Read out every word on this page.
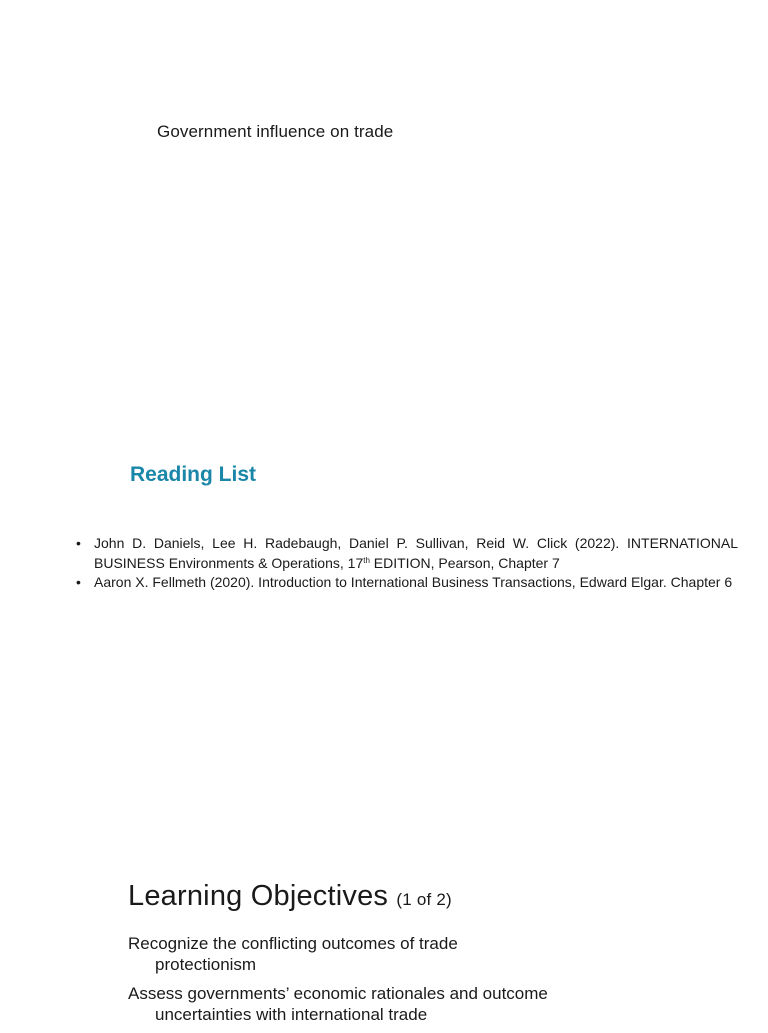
Government influence on trade
Reading List
• John D. Daniels, Lee H. Radebaugh, Daniel P. Sullivan, Reid W. Click (2022). INTERNATIONAL BUSINESS Environments & Operations, 17th EDITION, Pearson, Chapter 7
• Aaron X. Fellmeth (2020). Introduction to International Business Transactions, Edward Elgar. Chapter 6
Learning Objectives (1 of 2)
Recognize the conflicting outcomes of trade protectionism
Assess governments’ economic rationales and outcome uncertainties with international trade
